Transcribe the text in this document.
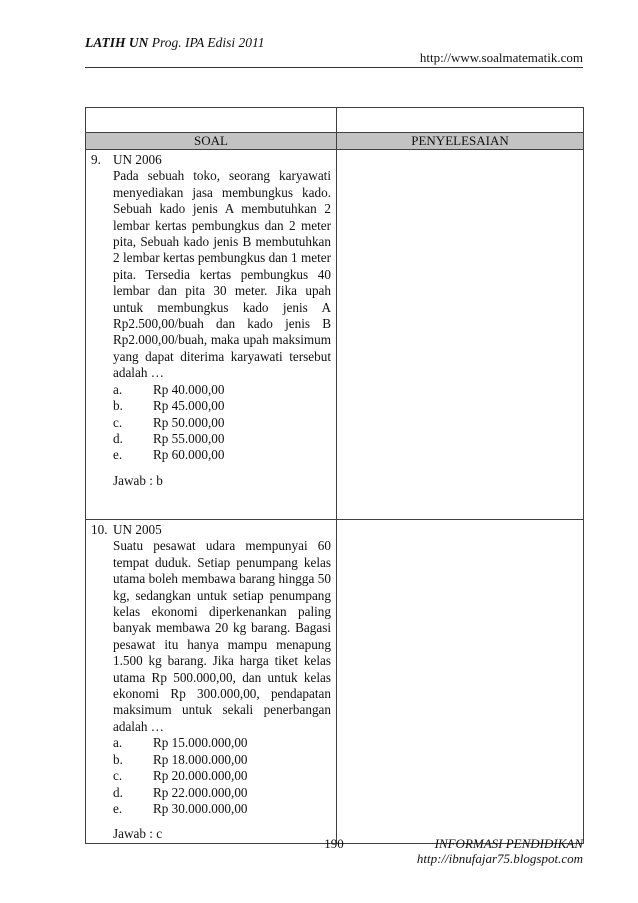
LATIH UN Prog. IPA Edisi 2011
http://www.soalmatematik.com

SOAL	PENYELESAIAN

9. UN 2006
Pada sebuah toko, seorang karyawati menyediakan jasa membungkus kado. Sebuah kado jenis A membutuhkan 2 lembar kertas pembungkus dan 2 meter pita, Sebuah kado jenis B membutuhkan 2 lembar kertas pembungkus dan 1 meter pita. Tersedia kertas pembungkus 40 lembar dan pita 30 meter. Jika upah untuk membungkus kado jenis A Rp2.500,00/buah dan kado jenis B Rp2.000,00/buah, maka upah maksimum yang dapat diterima karyawati tersebut adalah …
a.	Rp 40.000,00
b.	Rp 45.000,00
c.	Rp 50.000,00
d.	Rp 55.000,00
e.	Rp 60.000,00
Jawab : b

10. UN 2005
Suatu pesawat udara mempunyai 60 tempat duduk. Setiap penumpang kelas utama boleh membawa barang hingga 50 kg, sedangkan untuk setiap penumpang kelas ekonomi diperkenankan paling banyak membawa 20 kg barang. Bagasi pesawat itu hanya mampu menapung 1.500 kg barang. Jika harga tiket kelas utama Rp 500.000,00, dan untuk kelas ekonomi Rp 300.000,00, pendapatan maksimum untuk sekali penerbangan adalah …
a.	Rp 15.000.000,00
b.	Rp 18.000.000,00
c.	Rp 20.000.000,00
d.	Rp 22.000.000,00
e.	Rp 30.000.000,00
Jawab : c

190	INFORMASI PENDIDIKAN
http://ibnufajar75.blogspot.com
